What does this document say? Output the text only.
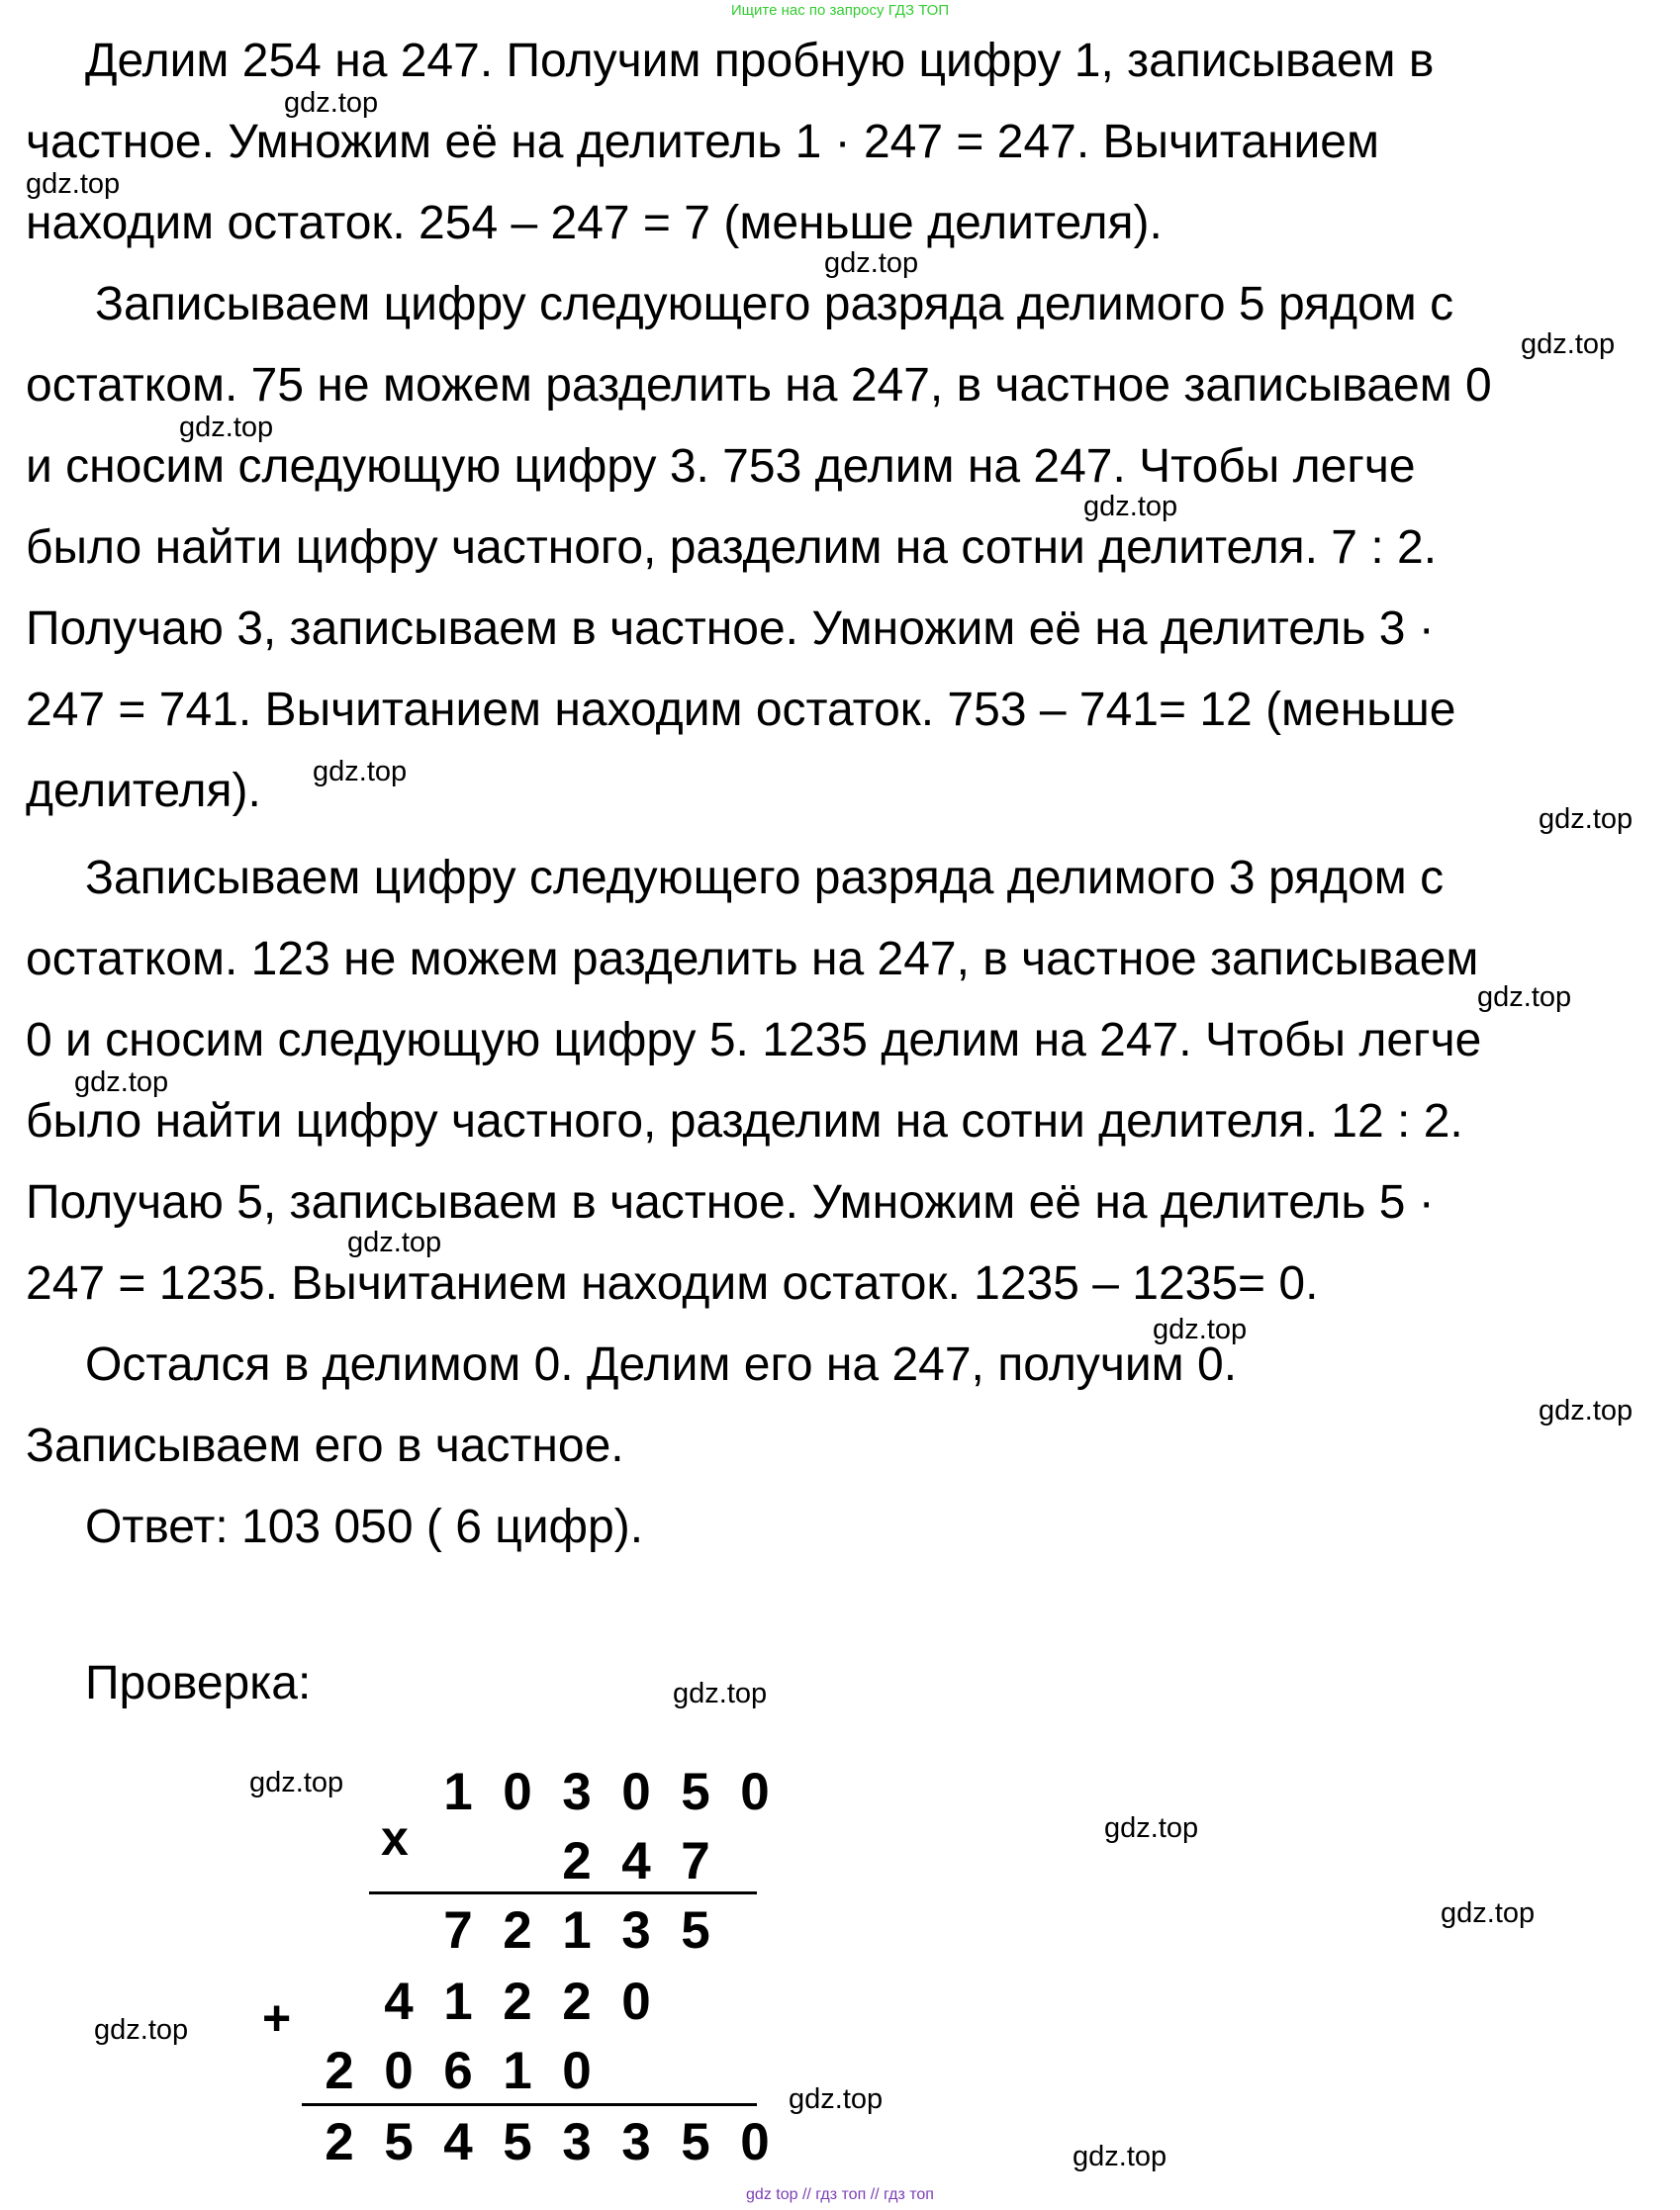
Ищите нас по запросу ГДЗ ТОП
Делим 254 на 247. Получим пробную цифру 1, записываем в
частное. Умножим её на делитель 1 · 247 = 247. Вычитанием
находим остаток. 254 – 247 = 7 (меньше делителя).
Записываем цифру следующего разряда делимого 5 рядом с
остатком. 75 не можем разделить на 247, в частное записываем 0
и сносим следующую цифру 3. 753 делим на 247. Чтобы легче
было найти цифру частного, разделим на сотни делителя. 7 : 2.
Получаю 3, записываем в частное. Умножим её на делитель 3 ·
247 = 741. Вычитанием находим остаток. 753 – 741= 12 (меньше
делителя).
Записываем цифру следующего разряда делимого 3 рядом с
остатком. 123 не можем разделить на 247, в частное записываем
0 и сносим следующую цифру 5. 1235 делим на 247. Чтобы легче
было найти цифру частного, разделим на сотни делителя. 12 : 2.
Получаю 5, записываем в частное. Умножим её на делитель 5 ·
247 = 1235. Вычитанием находим остаток. 1235 – 1235= 0.
Остался в делимом 0. Делим его на 247, получим 0.
Записываем его в частное.
Ответ: 103 050 ( 6 цифр).
Проверка:
gdz.top
gdz.top
gdz.top
gdz.top
gdz.top
gdz.top
gdz.top
gdz.top
gdz.top
gdz.top
gdz.top
gdz.top
gdz.top
gdz.top
gdz.top
gdz.top
gdz.top
gdz.top
gdz.top
gdz.top
x
+
1 0 3 0 5 0
2 4 7
7 2 1 3 5
4 1 2 2 0
2 0 6 1 0
2 5 4 5 3 3 5 0
gdz top // гдз топ // гдз топ
